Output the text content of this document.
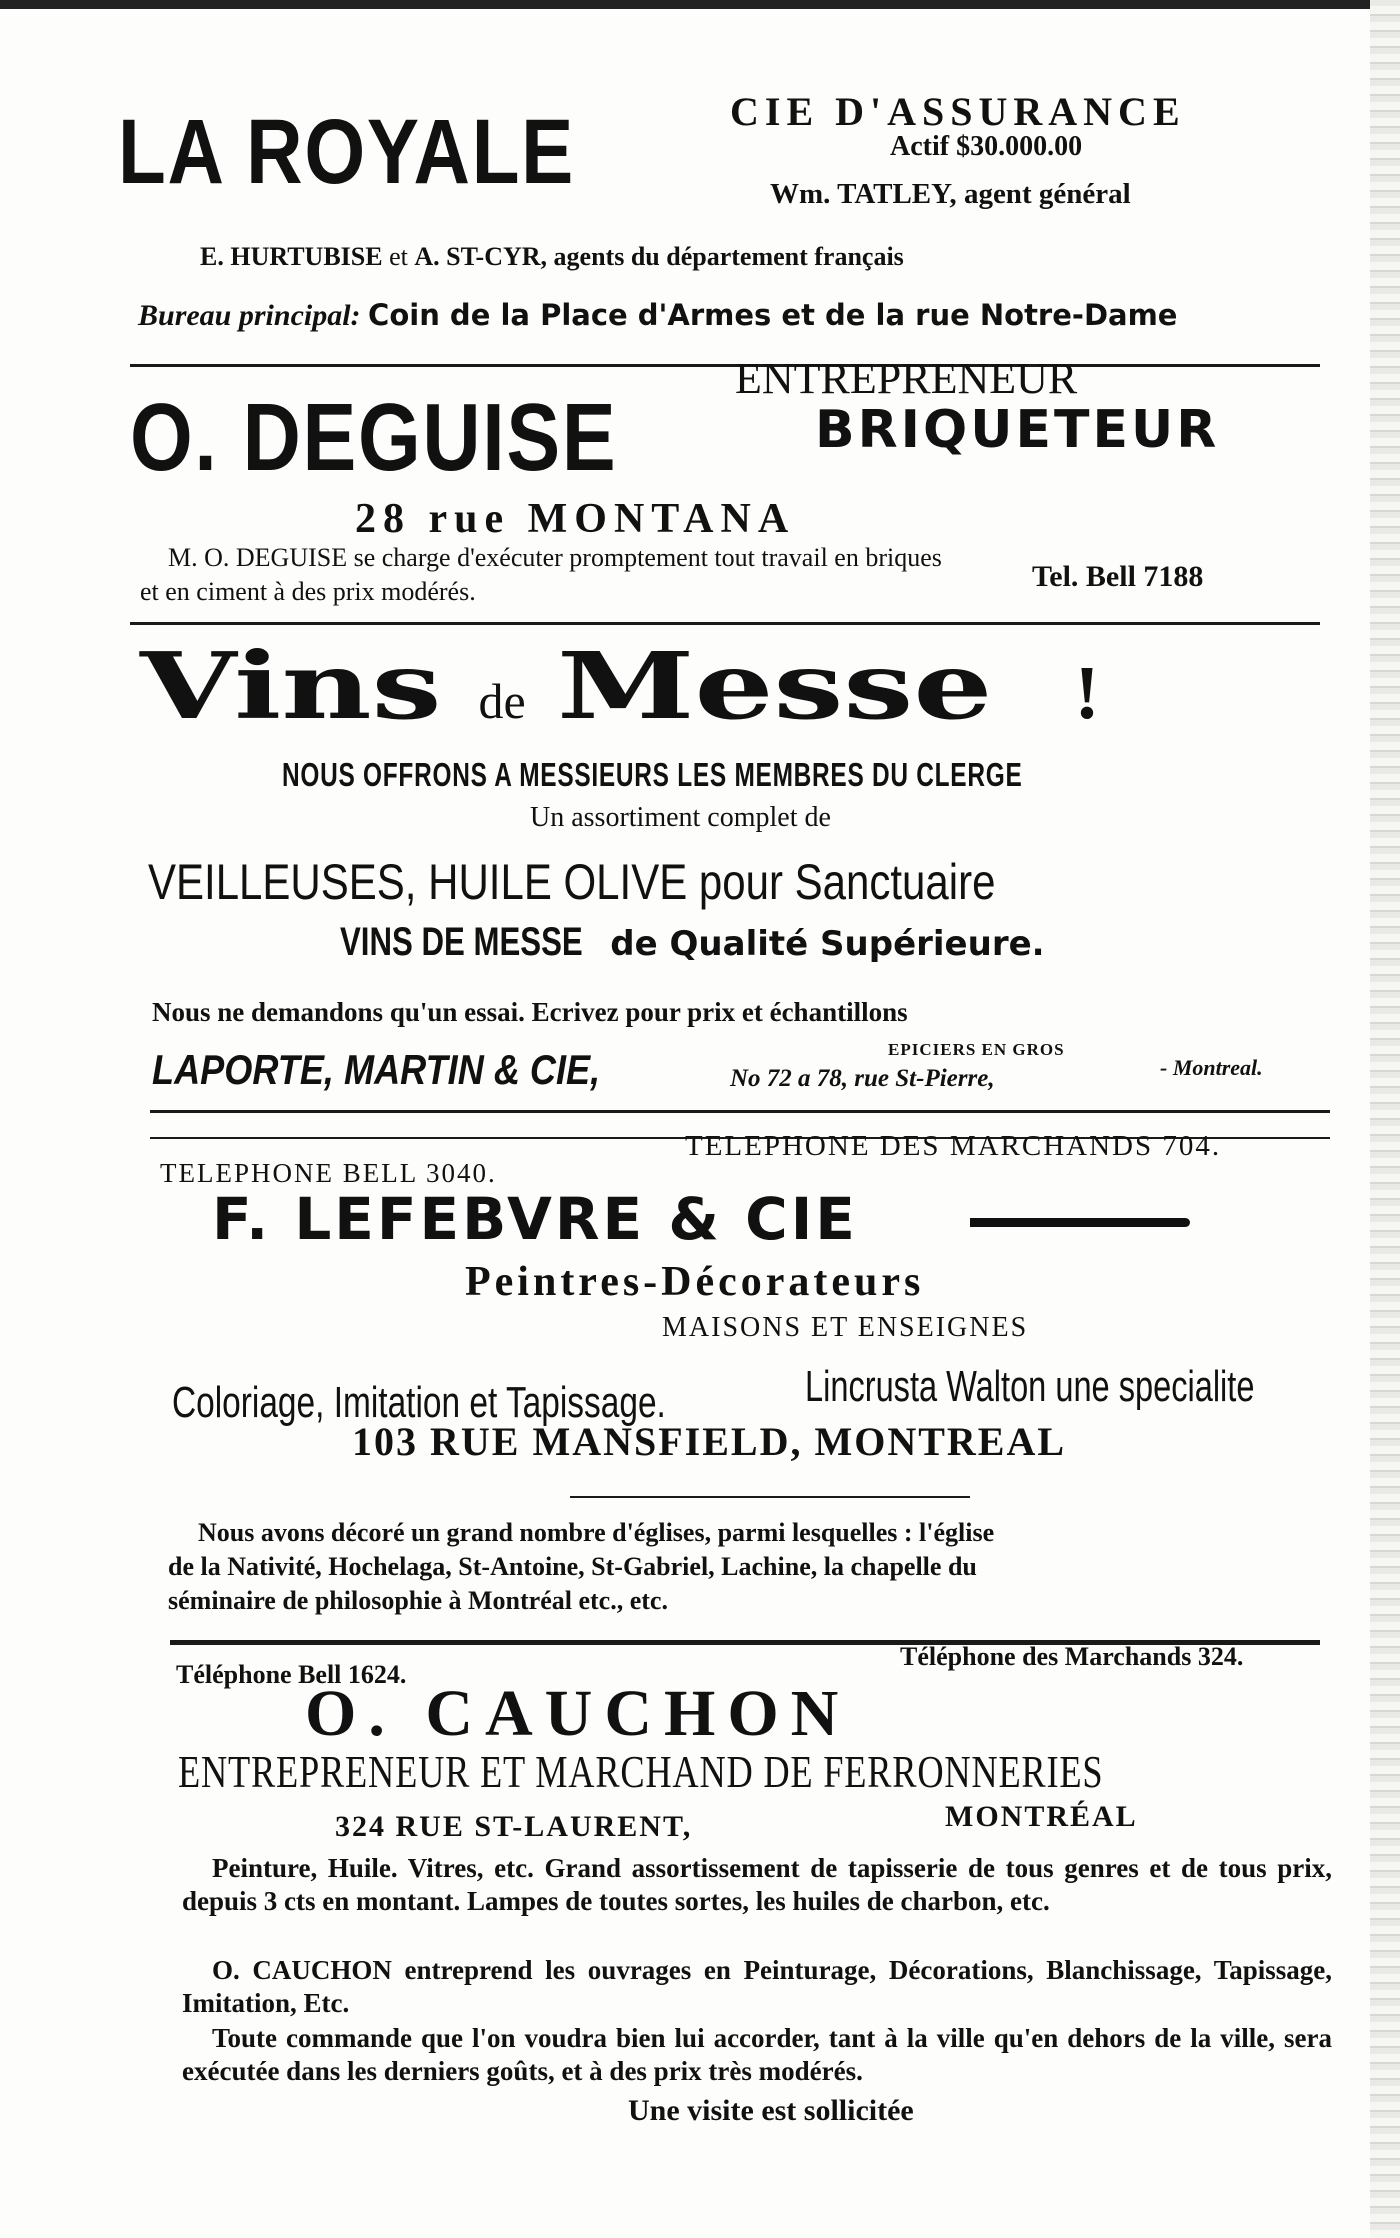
LA ROYALE	CIE D'ASSURANCE
Actif $30.000.00
Wm. TATLEY, agent général
E. HURTUBISE et A. ST-CYR, agents du département français
Bureau principal: Coin de la Place d'Armes et de la rue Notre-Dame
O. DEGUISE
ENTREPRENEUR
BRIQUETEUR
28 rue MONTANA
M. O. DEGUISE se charge d'exécuter promptement tout travail en briques
et en ciment à des prix modérés.	Tel. Bell 7188
Vins de Messe !
NOUS OFFRONS A MESSIEURS LES MEMBRES DU CLERGE
Un assortiment complet de
VEILLEUSES, HUILE OLIVE pour Sanctuaire
VINS DE MESSE de Qualité Supérieure.
Nous ne demandons qu'un essai. Ecrivez pour prix et échantillons
LAPORTE, MARTIN & CIE,	EPICIERS EN GROS
No 72 a 78, rue St-Pierre,	- Montreal.
TELEPHONE BELL 3040.
TELEPHONE DES MARCHANDS 704.
F. LEFEBVRE & CIE
Peintres-Décorateurs
MAISONS ET ENSEIGNES
Coloriage, Imitation et Tapissage.	Lincrusta Walton une specialite
103 RUE MANSFIELD, MONTREAL
Nous avons décoré un grand nombre d'églises, parmi lesquelles : l'église
de la Nativité, Hochelaga, St-Antoine, St-Gabriel, Lachine, la chapelle du
séminaire de philosophie à Montréal etc., etc.
Téléphone Bell 1624.
Téléphone des Marchands 324.
O. CAUCHON
ENTREPRENEUR ET MARCHAND DE FERRONNERIES
324 RUE ST-LAURENT,	MONTRÉAL
Peinture, Huile. Vitres, etc. Grand assortissement de tapisserie de tous genres et de tous prix, depuis 3 cts en montant. Lampes de toutes sortes, les huiles de charbon, etc.
O. CAUCHON entreprend les ouvrages en Peinturage, Décorations, Blanchissage, Tapissage, Imitation, Etc.
Toute commande que l'on voudra bien lui accorder, tant à la ville qu'en dehors de la ville, sera exécutée dans les derniers goûts, et à des prix très modérés.
Une visite est sollicitée
